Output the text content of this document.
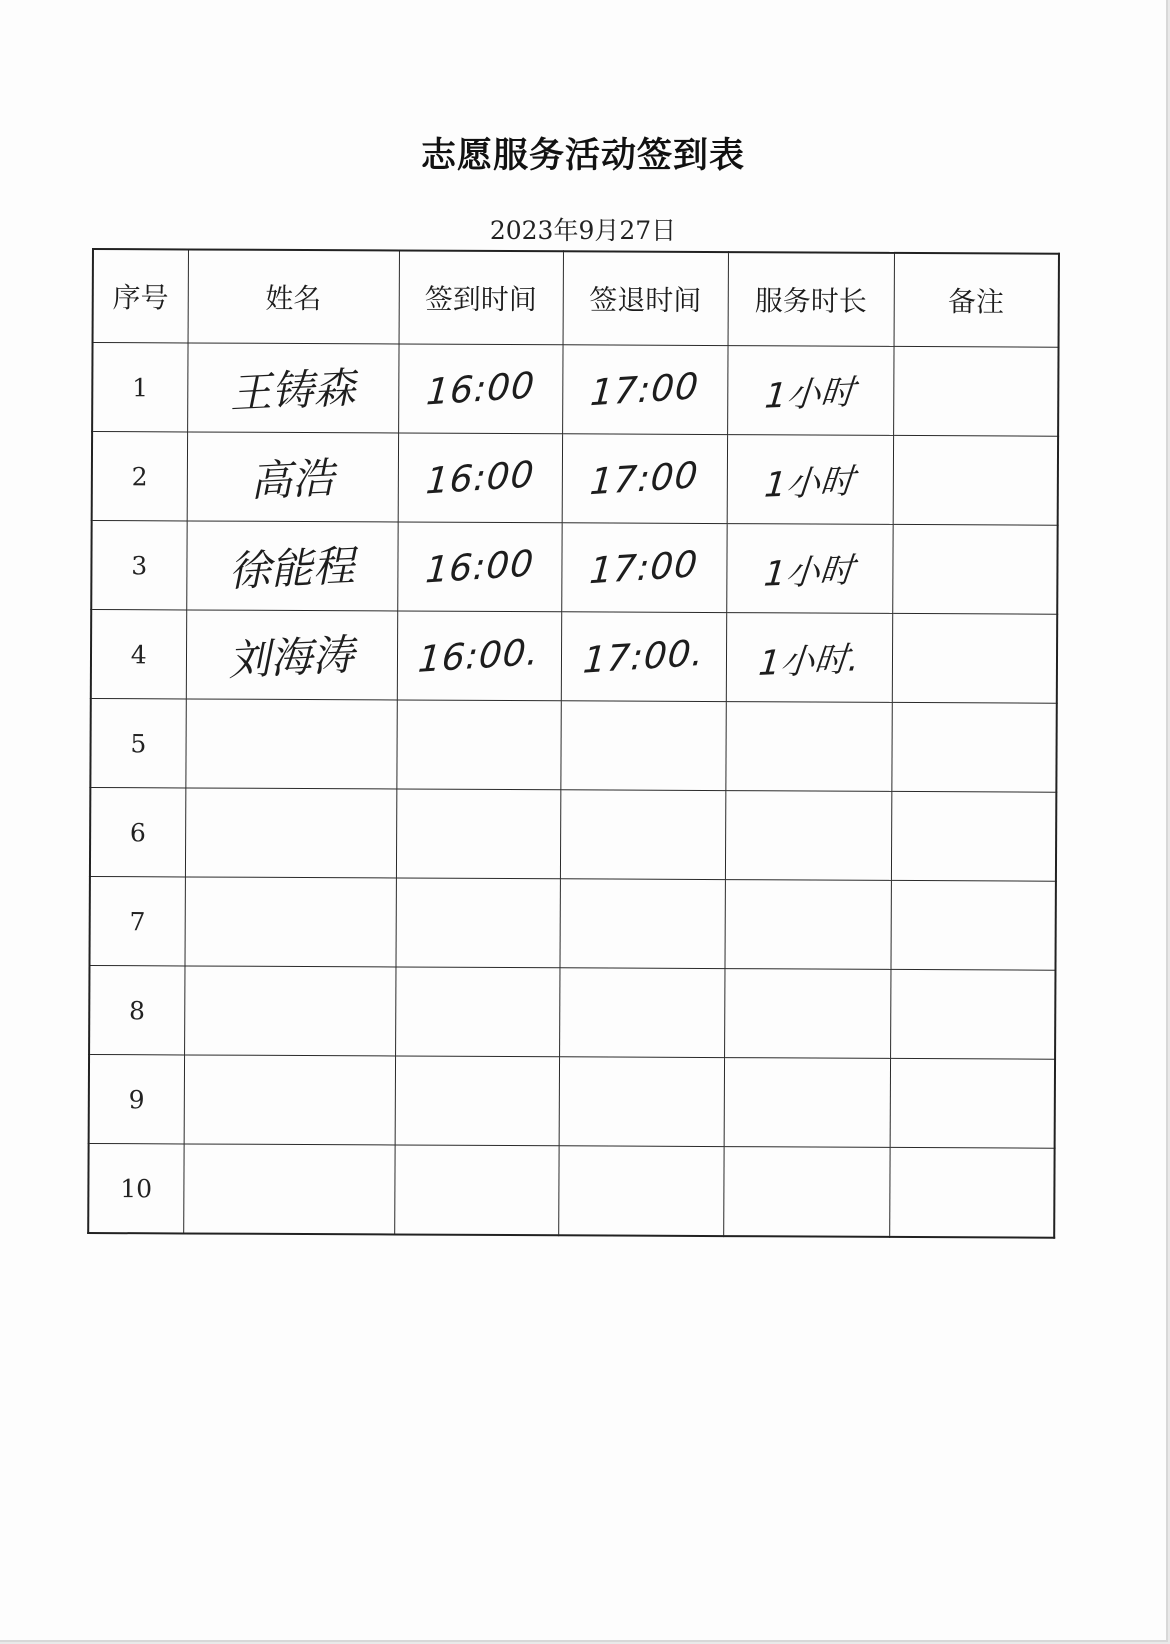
志愿服务活动签到表
2023年9月27日
序号	姓名	签到时间	签退时间	服务时长	备注
1	王铸森	16:00	17:00	1小时	
2	高浩	16:00	17:00	1小时	
3	徐能程	16:00	17:00	1小时	
4	刘海涛	16:00.	17:00.	1小时.	
5					
6					
7					
8					
9					
10					
